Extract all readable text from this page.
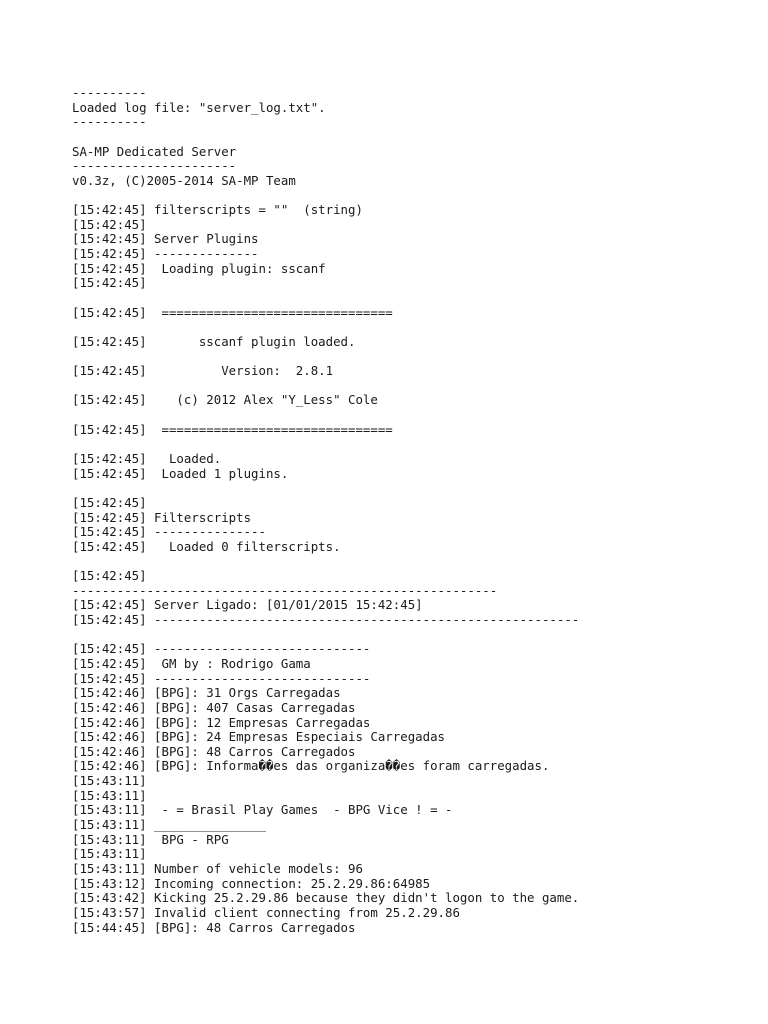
----------
Loaded log file: "server_log.txt".
----------
SA-MP Dedicated Server
----------------------
v0.3z, (C)2005-2014 SA-MP Team
[15:42:45] filterscripts = ""  (string)
[15:42:45]
[15:42:45] Server Plugins
[15:42:45] --------------
[15:42:45]  Loading plugin: sscanf
[15:42:45]
[15:42:45]  ===============================
[15:42:45]       sscanf plugin loaded.
[15:42:45]          Version:  2.8.1
[15:42:45]    (c) 2012 Alex "Y_Less" Cole
[15:42:45]  ===============================
[15:42:45]   Loaded.
[15:42:45]  Loaded 1 plugins.
[15:42:45]
[15:42:45] Filterscripts
[15:42:45] ---------------
[15:42:45]   Loaded 0 filterscripts.
[15:42:45]
---------------------------------------------------------
[15:42:45] Server Ligado: [01/01/2015 15:42:45]
[15:42:45] ---------------------------------------------------------
[15:42:45] -----------------------------
[15:42:45]  GM by : Rodrigo Gama
[15:42:45] -----------------------------
[15:42:46] [BPG]: 31 Orgs Carregadas
[15:42:46] [BPG]: 407 Casas Carregadas
[15:42:46] [BPG]: 12 Empresas Carregadas
[15:42:46] [BPG]: 24 Empresas Especiais Carregadas
[15:42:46] [BPG]: 48 Carros Carregados
[15:42:46] [BPG]: Informa��es das organiza��es foram carregadas.
[15:43:11]
[15:43:11]
[15:43:11]  - = Brasil Play Games  - BPG Vice ! = -
[15:43:11] _______________
[15:43:11]  BPG - RPG
[15:43:11]
[15:43:11] Number of vehicle models: 96
[15:43:12] Incoming connection: 25.2.29.86:64985
[15:43:42] Kicking 25.2.29.86 because they didn't logon to the game.
[15:43:57] Invalid client connecting from 25.2.29.86
[15:44:45] [BPG]: 48 Carros Carregados
